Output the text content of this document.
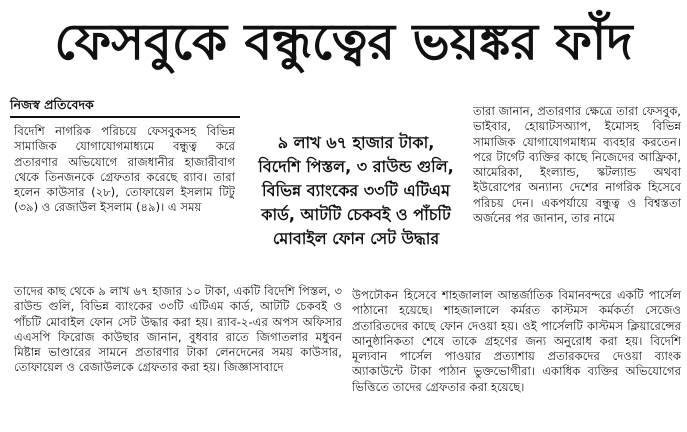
ফেসবুকে বন্ধুত্বের ভয়ঙ্কর ফাঁদ
নিজস্ব প্রতিবেদক

বিদেশি নাগরিক পরিচয়ে ফেসবুকসহ বিভিন্ন সামাজিক যোগাযোগমাধ্যমে বন্ধুত্ব করে প্রতারণার অভিযোগে রাজধানীর হাজারীবাগ থেকে তিনজনকে গ্রেফতার করেছে র‌্যাব। তারা হলেন কাউসার (২৮), তোফায়েল ইসলাম টিটু (৩৯) ও রেজাউল ইসলাম (৪৯)। এ সময়

৯ লাখ ৬৭ হাজার টাকা,
বিদেশি পিস্তল, ৩ রাউন্ড গুলি,
বিভিন্ন ব্যাংকের ৩৩টি এটিএম
কার্ড, আটটি চেকবই ও পাঁচটি
মোবাইল ফোন সেট উদ্ধার

তারা জানান, প্রতারণার ক্ষেত্রে তারা ফেসবুক, ভাইবার, হোয়াটসঅ্যাপ, ইমোসহ বিভিন্ন সামাজিক যোগাযোগমাধ্যম ব্যবহার করতেন। পরে টার্গেট ব্যক্তির কাছে নিজেদের আফ্রিকা, আমেরিকা, ইংল্যান্ড, স্কটল্যান্ড অথবা ইউরোপের অন্যান্য দেশের নাগরিক হিসেবে পরিচয় দেন। একপর্যায়ে বন্ধুত্ব ও বিশ্বস্ততা অর্জনের পর জানান, তার নামে

তাদের কাছ থেকে ৯ লাখ ৬৭ হাজার ১০ টাকা, একটি বিদেশি পিস্তল, ৩ রাউন্ড গুলি, বিভিন্ন ব্যাংকের ৩৩টি এটিএম কার্ড, আটটি চেকবই ও পাঁচটি মোবাইল ফোন সেট উদ্ধার করা হয়। র‌্যাব-২-এর অপস অফিসার এএসপি ফিরোজ কাউছার জানান, বুধবার রাতে জিগাতলার মধুবন মিষ্টান্ন ভাণ্ডারের সামনে প্রতারণার টাকা লেনদেনের সময় কাউসার, তোফায়েল ও রেজাউলকে গ্রেফতার করা হয়। জিজ্ঞাসাবাদে

উপঢৌকন হিসেবে শাহজালাল আন্তর্জাতিক বিমানবন্দরে একটি পার্সেল পাঠানো হয়েছে। শাহজালালে কর্মরত কাস্টমস কর্মকর্তা সেজেও প্রতারিতদের কাছে ফোন দেওয়া হয়। ওই পার্সেলটি কাস্টমস ক্লিয়ারেন্সের আনুষ্ঠানিকতা শেষে তাকে গ্রহণের জন্য অনুরোধ করা হয়। বিদেশি মূল্যবান পার্সেল পাওয়ার প্রত্যাশায় প্রতারকদের দেওয়া ব্যাংক অ্যাকাউন্টে টাকা পাঠান ভুক্তভোগীরা। একাধিক ব্যক্তির অভিযোগের ভিত্তিতে তাদের গ্রেফতার করা হয়েছে।
